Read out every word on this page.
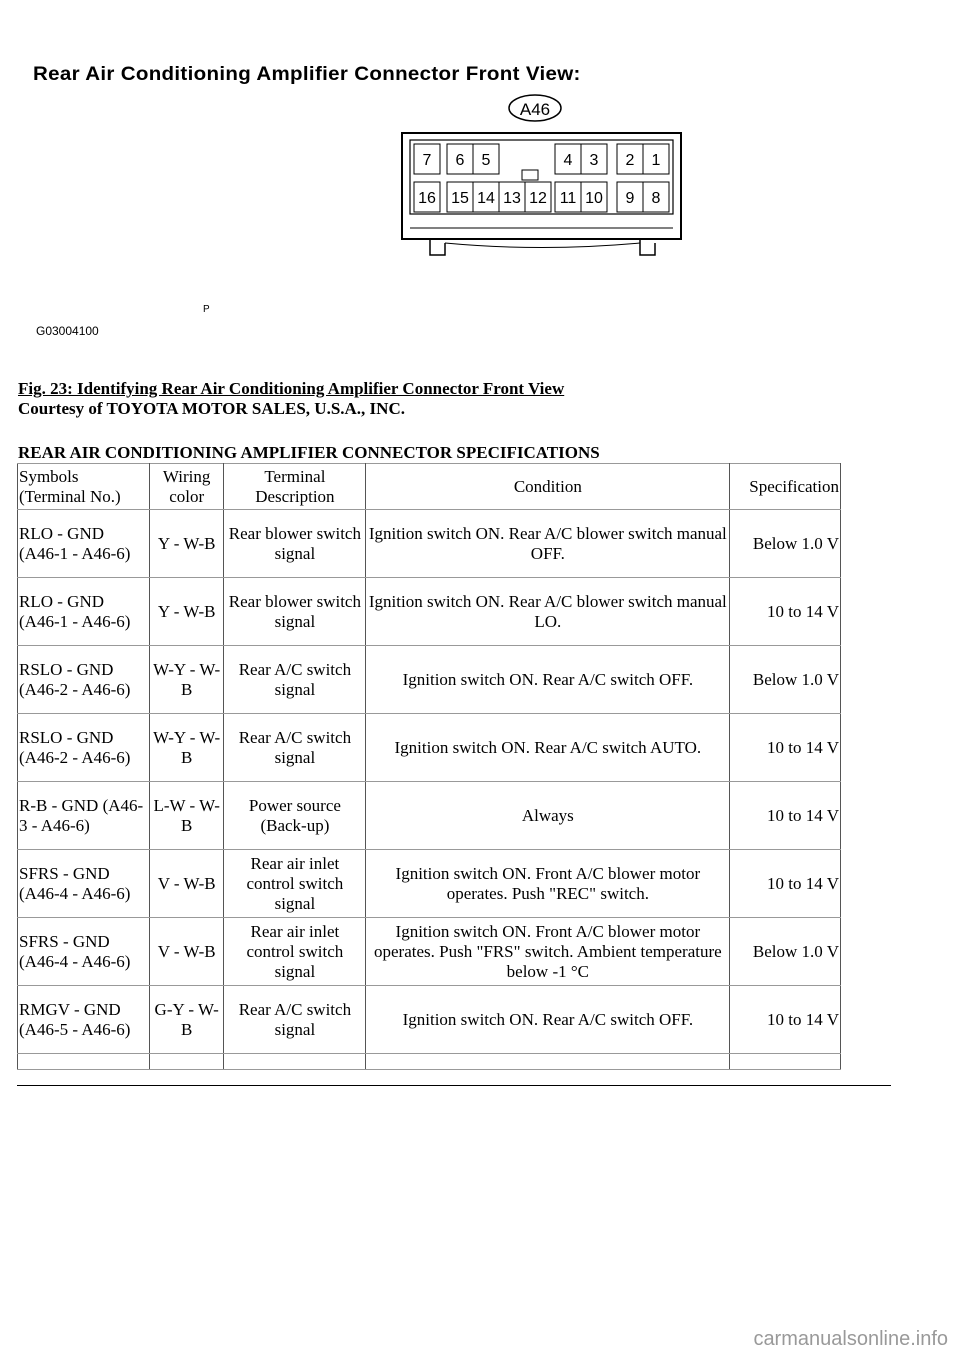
Rear Air Conditioning Amplifier Connector Front View:
A46
7 6 5	4 3 2 1
16 15 14 13 12 11 10 9 8
P
G03004100
Fig. 23: Identifying Rear Air Conditioning Amplifier Connector Front View
Courtesy of TOYOTA MOTOR SALES, U.S.A., INC.
REAR AIR CONDITIONING AMPLIFIER CONNECTOR SPECIFICATIONS
Symbols (Terminal No.)	Wiring color	Terminal Description	Condition	Specification
RLO - GND (A46-1 - A46-6)	Y - W-B	Rear blower switch signal	Ignition switch ON. Rear A/C blower switch manual OFF.	Below 1.0 V
RLO - GND (A46-1 - A46-6)	Y - W-B	Rear blower switch signal	Ignition switch ON. Rear A/C blower switch manual LO.	10 to 14 V
RSLO - GND (A46-2 - A46-6)	W-Y - W-B	Rear A/C switch signal	Ignition switch ON. Rear A/C switch OFF.	Below 1.0 V
RSLO - GND (A46-2 - A46-6)	W-Y - W-B	Rear A/C switch signal	Ignition switch ON. Rear A/C switch AUTO.	10 to 14 V
R-B - GND (A46-3 - A46-6)	L-W - W-B	Power source (Back-up)	Always	10 to 14 V
SFRS - GND (A46-4 - A46-6)	V - W-B	Rear air inlet control switch signal	Ignition switch ON. Front A/C blower motor operates. Push "REC" switch.	10 to 14 V
SFRS - GND (A46-4 - A46-6)	V - W-B	Rear air inlet control switch signal	Ignition switch ON. Front A/C blower motor operates. Push "FRS" switch. Ambient temperature below -1 °C	Below 1.0 V
RMGV - GND (A46-5 - A46-6)	G-Y - W-B	Rear A/C switch signal	Ignition switch ON. Rear A/C switch OFF.	10 to 14 V

carmanualsonline.info
